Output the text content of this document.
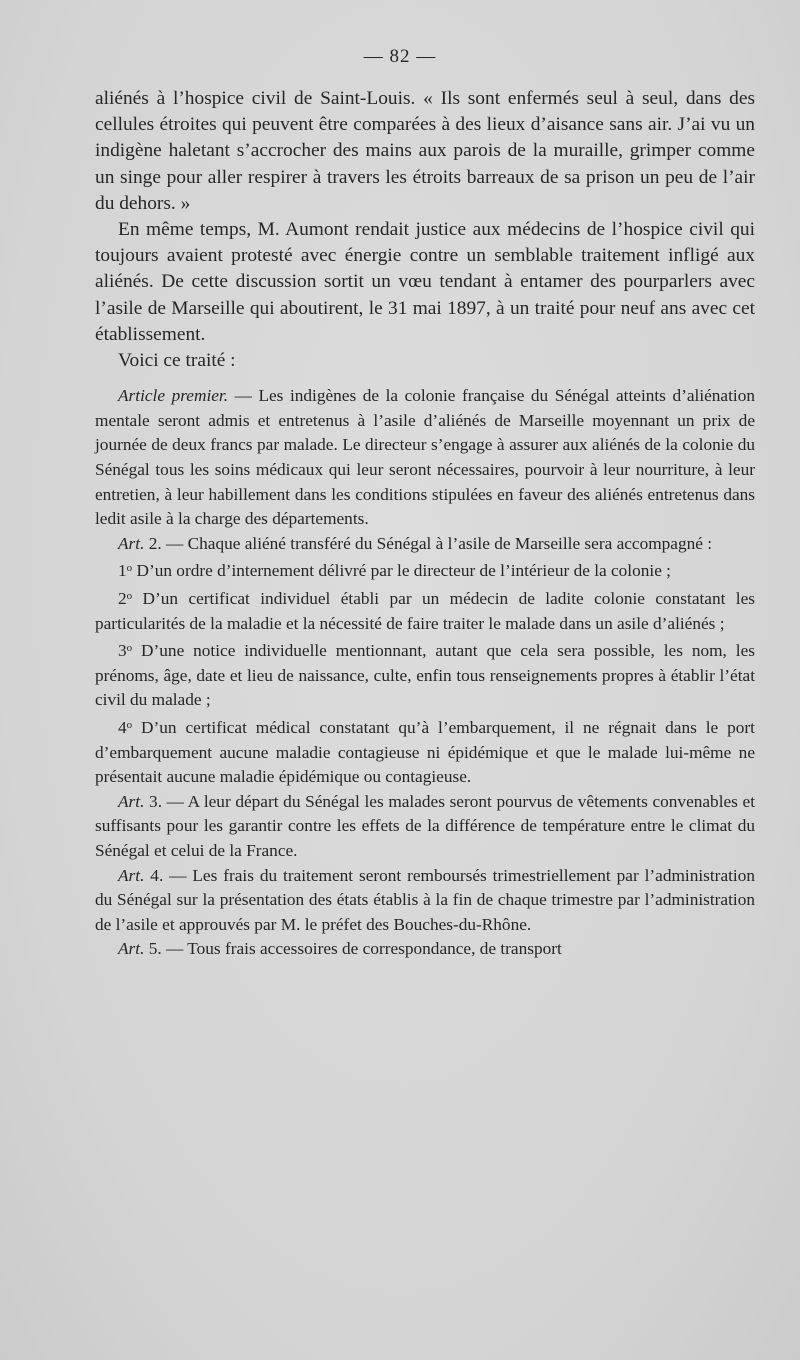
— 82 —

aliénés à l’hospice civil de Saint-Louis. « Ils sont enfermés seul à seul, dans des cellules étroites qui peuvent être comparées à des lieux d’aisance sans air. J’ai vu un indigène haletant s’accrocher des mains aux parois de la muraille, grimper comme un singe pour aller respirer à travers les étroits barreaux de sa prison un peu de l’air du dehors. »

En même temps, M. Aumont rendait justice aux médecins de l’hospice civil qui toujours avaient protesté avec énergie contre un semblable traitement infligé aux aliénés. De cette discussion sortit un vœu tendant à entamer des pourparlers avec l’asile de Marseille qui aboutirent, le 31 mai 1897, à un traité pour neuf ans avec cet établissement.

Voici ce traité :

Article premier. — Les indigènes de la colonie française du Sénégal atteints d’aliénation mentale seront admis et entretenus à l’asile d’aliénés de Marseille moyennant un prix de journée de deux francs par malade. Le directeur s’engage à assurer aux aliénés de la colonie du Sénégal tous les soins médicaux qui leur seront nécessaires, pourvoir à leur nourriture, à leur entretien, à leur habillement dans les conditions stipulées en faveur des aliénés entretenus dans ledit asile à la charge des départements.

Art. 2. — Chaque aliéné transféré du Sénégal à l’asile de Marseille sera accompagné :

1$^o$ D’un ordre d’internement délivré par le directeur de l’intérieur de la colonie ;

2$^o$ D’un certificat individuel établi par un médecin de ladite colonie constatant les particularités de la maladie et la nécessité de faire traiter le malade dans un asile d’aliénés ;

3$^o$ D’une notice individuelle mentionnant, autant que cela sera possible, les nom, les prénoms, âge, date et lieu de naissance, culte, enfin tous renseignements propres à établir l’état civil du malade ;

4$^o$ D’un certificat médical constatant qu’à l’embarquement, il ne régnait dans le port d’embarquement aucune maladie contagieuse ni épidémique et que le malade lui-même ne présentait aucune maladie épidémique ou contagieuse.

Art. 3. — A leur départ du Sénégal les malades seront pourvus de vêtements convenables et suffisants pour les garantir contre les effets de la différence de température entre le climat du Sénégal et celui de la France.

Art. 4. — Les frais du traitement seront remboursés trimestriellement par l’administration du Sénégal sur la présentation des états établis à la fin de chaque trimestre par l’administration de l’asile et approuvés par M. le préfet des Bouches-du-Rhône.

Art. 5. — Tous frais accessoires de correspondance, de transport
